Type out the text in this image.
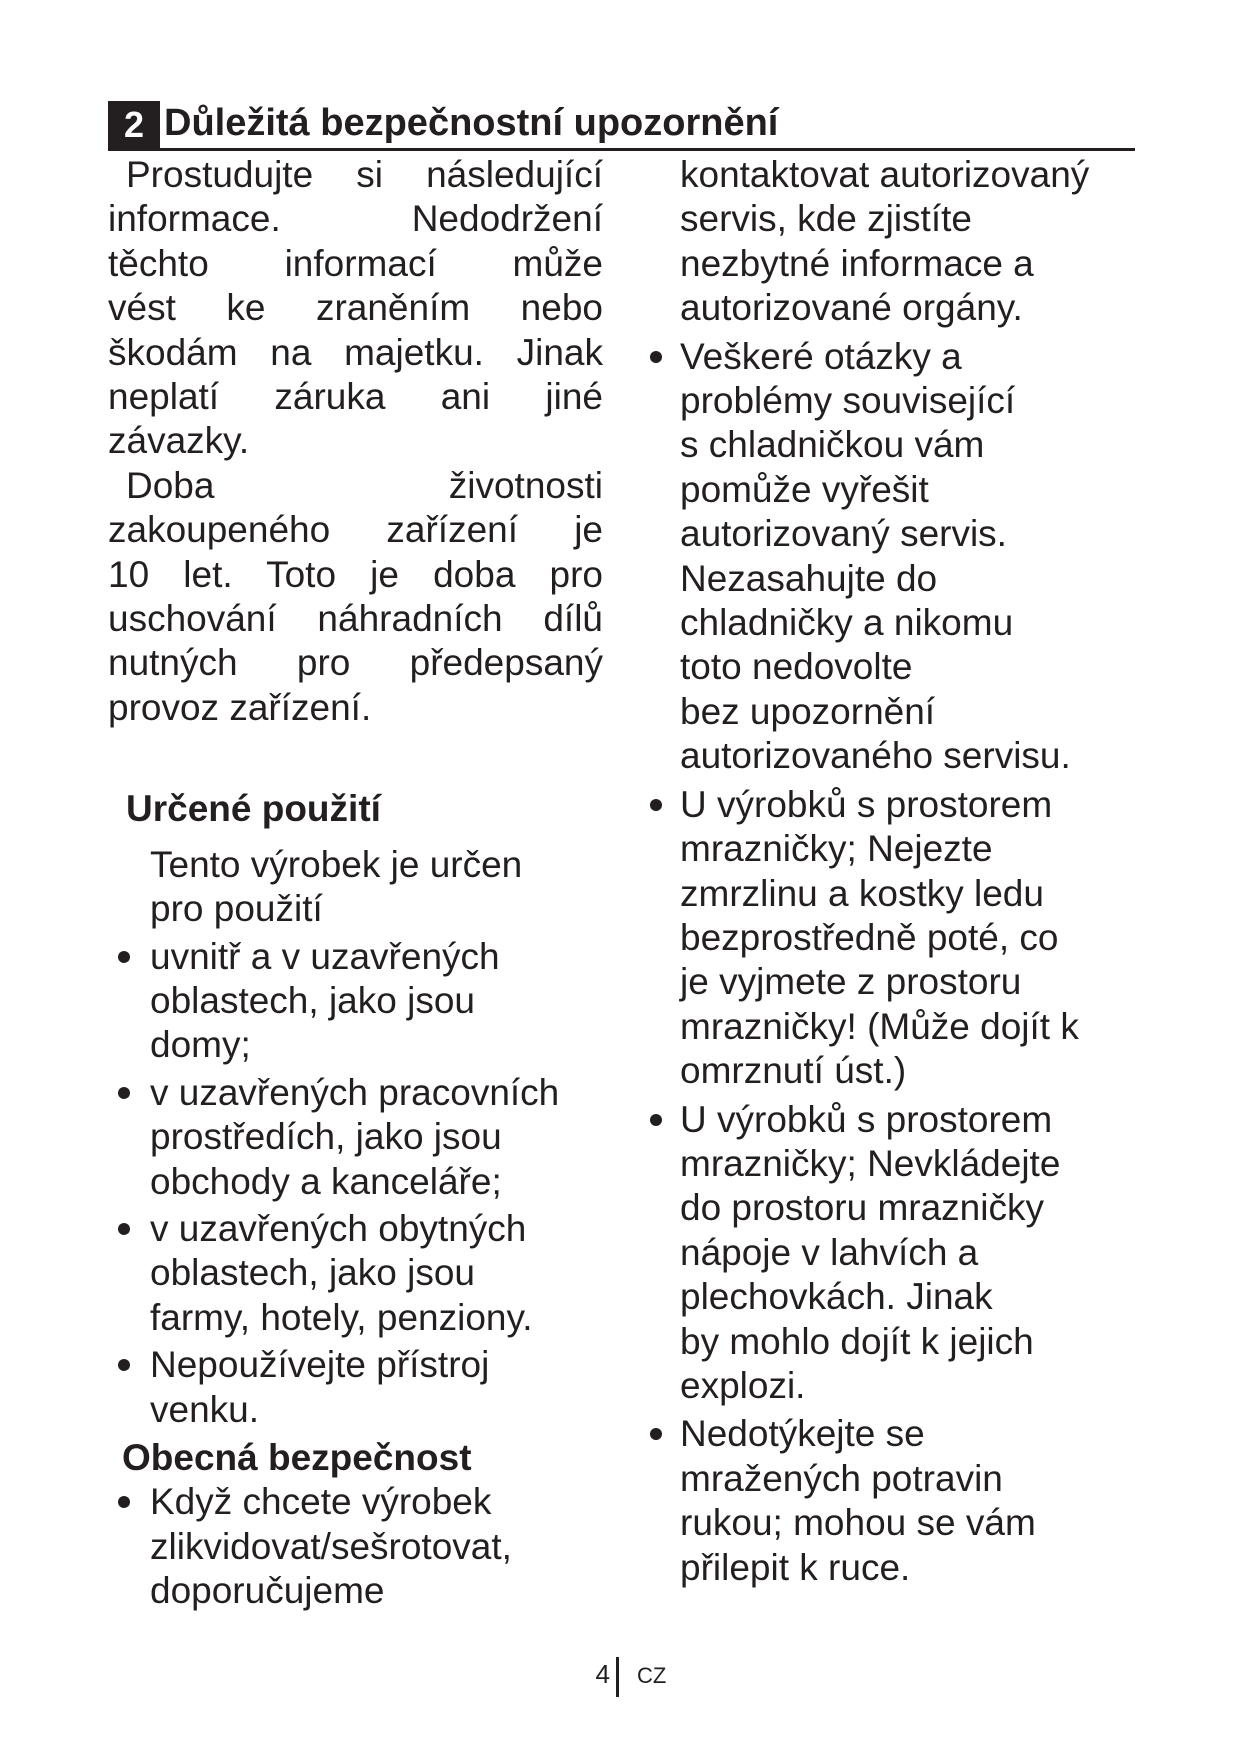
2 Důležitá bezpečnostní upozornění
Prostudujte si následující
informace. Nedodržení
těchto informací může
vést ke zraněním nebo
škodám na majetku. Jinak
neplatí záruka ani jiné
závazky.
Doba životnosti
zakoupeného zařízení je
10 let. Toto je doba pro
uschování náhradních dílů
nutných pro předepsaný
provoz zařízení.
Určené použití
Tento výrobek je určen
pro použití
uvnitř a v uzavřených
oblastech, jako jsou
domy;
v uzavřených pracovních
prostředích, jako jsou
obchody a kanceláře;
v uzavřených obytných
oblastech, jako jsou
farmy, hotely, penziony.
Nepoužívejte přístroj
venku.
Obecná bezpečnost
Když chcete výrobek
zlikvidovat/sešrotovat,
doporučujeme
kontaktovat autorizovaný
servis, kde zjistíte
nezbytné informace a
autorizované orgány.
Veškeré otázky a
problémy související
s chladničkou vám
pomůže vyřešit
autorizovaný servis.
Nezasahujte do
chladničky a nikomu
toto nedovolte
bez upozornění
autorizovaného servisu.
U výrobků s prostorem
mrazničky; Nejezte
zmrzlinu a kostky ledu
bezprostředně poté, co
je vyjmete z prostoru
mrazničky! (Může dojít k
omrznutí úst.)
U výrobků s prostorem
mrazničky; Nevkládejte
do prostoru mrazničky
nápoje v lahvích a
plechovkách. Jinak
by mohlo dojít k jejich
explozi.
Nedotýkejte se
mražených potravin
rukou; mohou se vám
přilepit k ruce.
4 CZ
